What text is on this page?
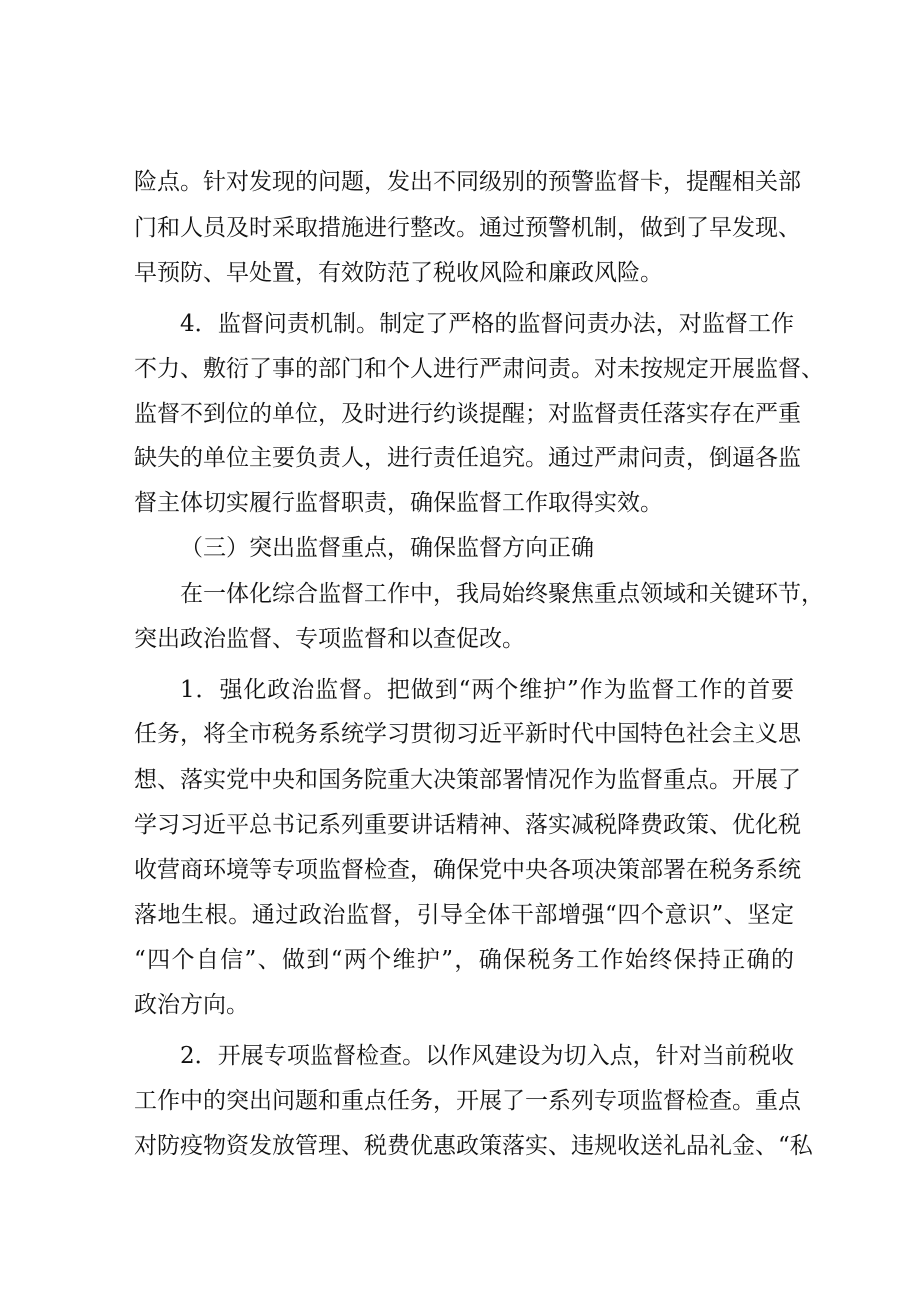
险点。针对发现的问题，发出不同级别的预警监督卡，提醒相关部
门和人员及时采取措施进行整改。通过预警机制，做到了早发现、
早预防、早处置，有效防范了税收风险和廉政风险。
4．监督问责机制。制定了严格的监督问责办法，对监督工作
不力、敷衍了事的部门和个人进行严肃问责。对未按规定开展监督、
监督不到位的单位，及时进行约谈提醒；对监督责任落实存在严重
缺失的单位主要负责人，进行责任追究。通过严肃问责，倒逼各监
督主体切实履行监督职责，确保监督工作取得实效。
（三）突出监督重点，确保监督方向正确
在一体化综合监督工作中，我局始终聚焦重点领域和关键环节，
突出政治监督、专项监督和以查促改。
1．强化政治监督。把做到“两个维护”作为监督工作的首要
任务，将全市税务系统学习贯彻习近平新时代中国特色社会主义思
想、落实党中央和国务院重大决策部署情况作为监督重点。开展了
学习习近平总书记系列重要讲话精神、落实减税降费政策、优化税
收营商环境等专项监督检查，确保党中央各项决策部署在税务系统
落地生根。通过政治监督，引导全体干部增强“四个意识”、坚定
“四个自信”、做到“两个维护”，确保税务工作始终保持正确的
政治方向。
2．开展专项监督检查。以作风建设为切入点，针对当前税收
工作中的突出问题和重点任务，开展了一系列专项监督检查。重点
对防疫物资发放管理、税费优惠政策落实、违规收送礼品礼金、“私
